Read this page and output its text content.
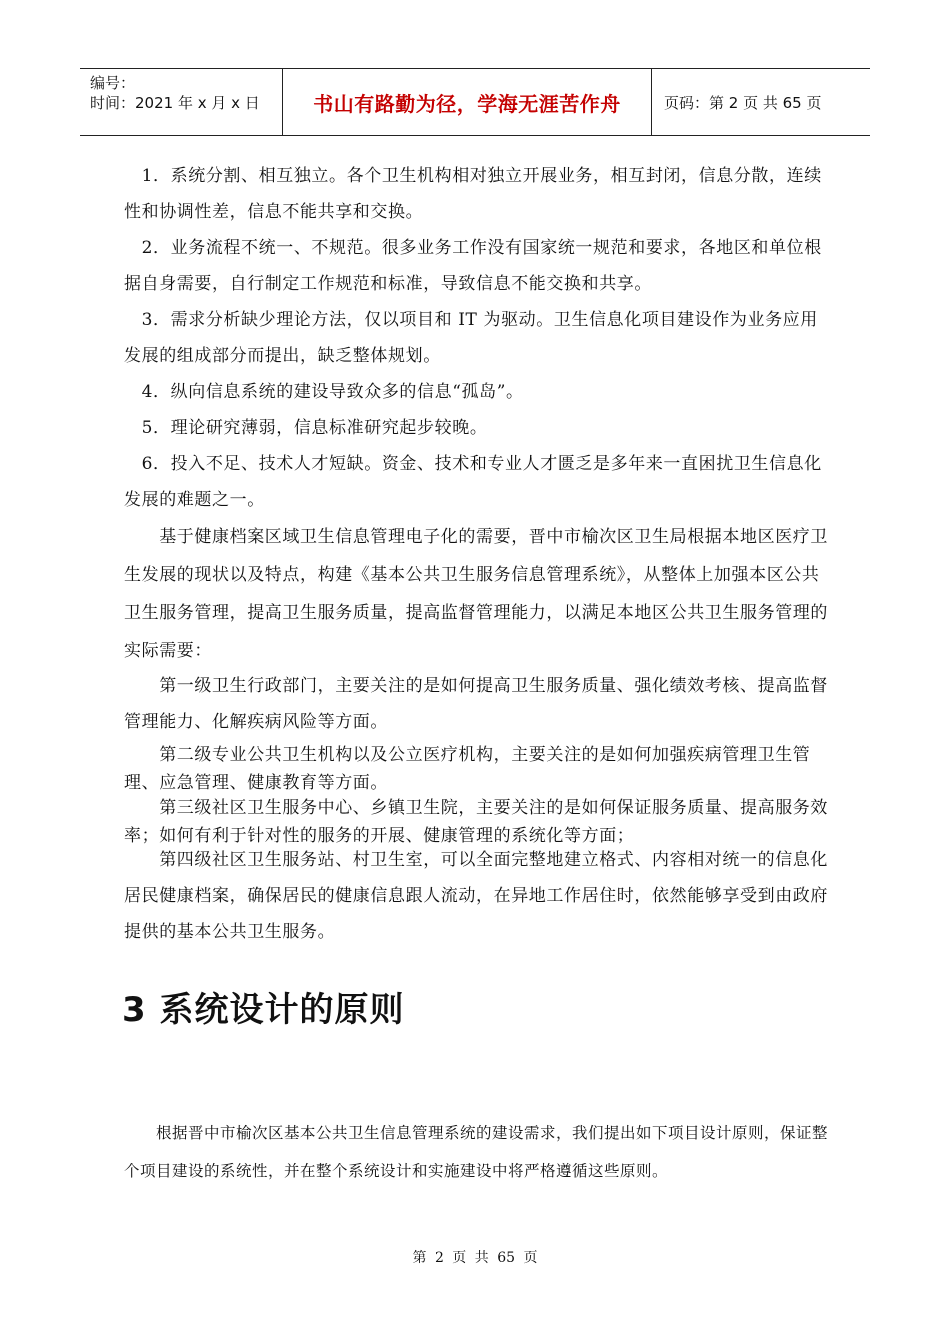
编号：
时间：2021 年 x 月 x 日	书山有路勤为径，学海无涯苦作舟	页码：第 2 页 共 65 页

　1．系统分割、相互独立。各个卫生机构相对独立开展业务，相互封闭，信息分散，连续性和协调性差，信息不能共享和交换。

　2．业务流程不统一、不规范。很多业务工作没有国家统一规范和要求，各地区和单位根据自身需要，自行制定工作规范和标准，导致信息不能交换和共享。

　3．需求分析缺少理论方法，仅以项目和 IT 为驱动。卫生信息化项目建设作为业务应用发展的组成部分而提出，缺乏整体规划。

　4．纵向信息系统的建设导致众多的信息“孤岛”。

　5．理论研究薄弱，信息标准研究起步较晚。

　6．投入不足、技术人才短缺。资金、技术和专业人才匮乏是多年来一直困扰卫生信息化发展的难题之一。

　　基于健康档案区域卫生信息管理电子化的需要，晋中市榆次区卫生局根据本地区医疗卫生发展的现状以及特点，构建《基本公共卫生服务信息管理系统》，从整体上加强本区公共卫生服务管理，提高卫生服务质量，提高监督管理能力，以满足本地区公共卫生服务管理的实际需要：

　　第一级卫生行政部门，主要关注的是如何提高卫生服务质量、强化绩效考核、提高监督管理能力、化解疾病风险等方面。

　　第二级专业公共卫生机构以及公立医疗机构，主要关注的是如何加强疾病管理卫生管理、应急管理、健康教育等方面。

　　第三级社区卫生服务中心、乡镇卫生院，主要关注的是如何保证服务质量、提高服务效率；如何有利于针对性的服务的开展、健康管理的系统化等方面；

　　第四级社区卫生服务站、村卫生室，可以全面完整地建立格式、内容相对统一的信息化居民健康档案，确保居民的健康信息跟人流动，在异地工作居住时，依然能够享受到由政府提供的基本公共卫生服务。

3 系统设计的原则

　　根据晋中市榆次区基本公共卫生信息管理系统的建设需求，我们提出如下项目设计原则，保证整个项目建设的系统性，并在整个系统设计和实施建设中将严格遵循这些原则。

第 2 页 共 65 页
